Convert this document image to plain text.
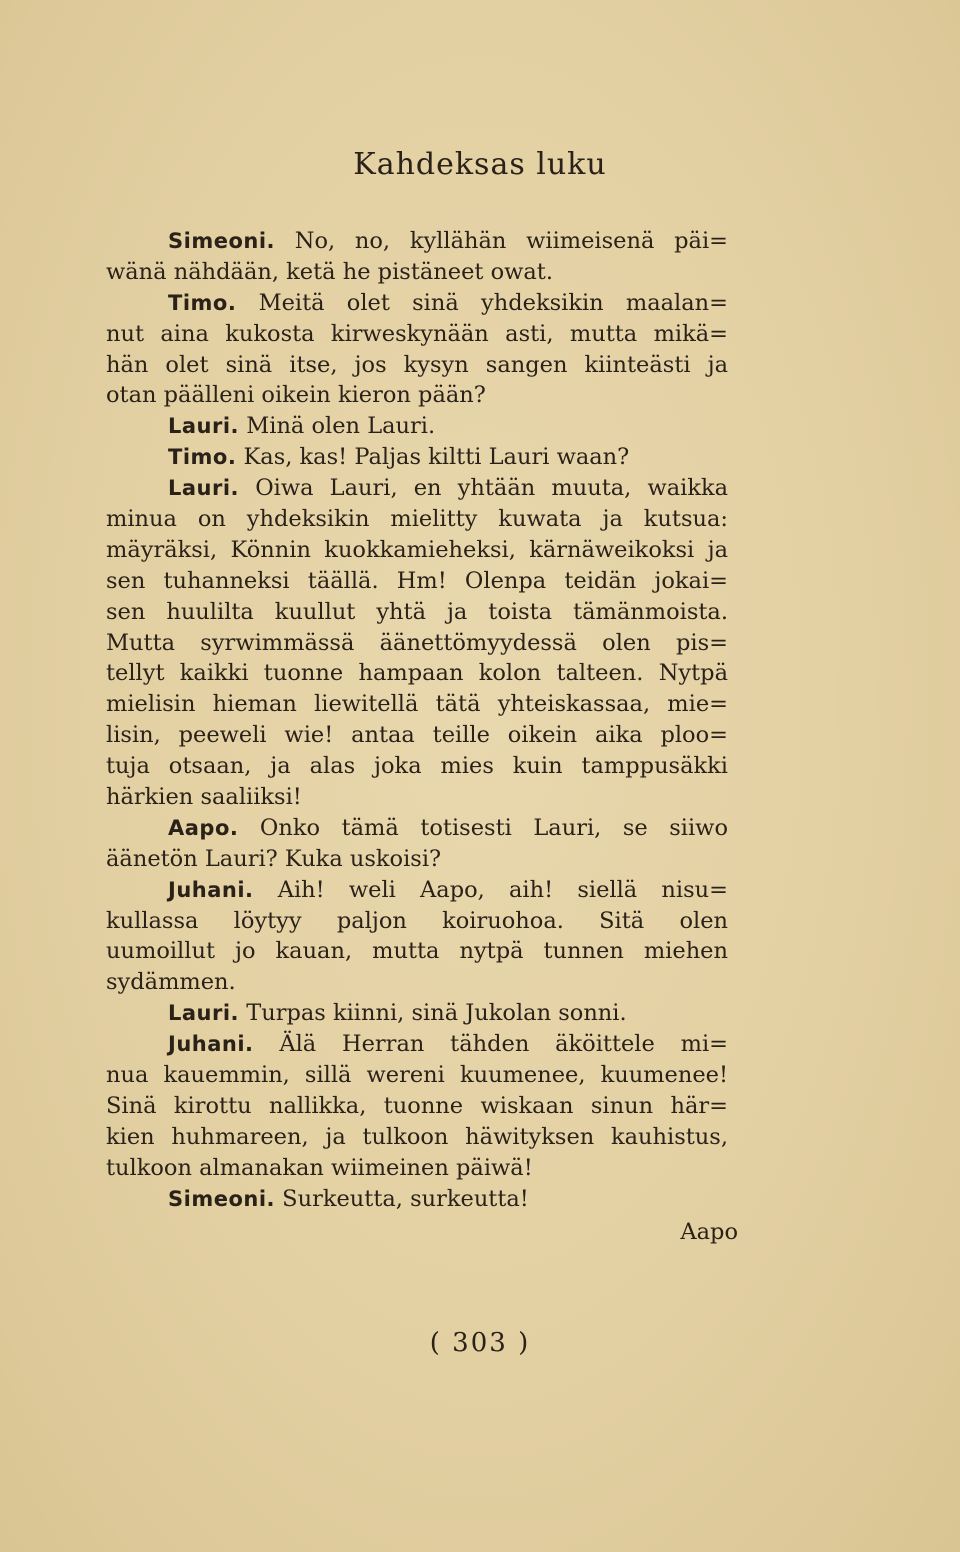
Kahdeksas luku
Simeoni. No, no, kyllähän wiimeisenä päi=
wänä nähdään, ketä he pistäneet owat.
Timo. Meitä olet sinä yhdeksikin maalan=
nut aina kukosta kirweskynään asti, mutta mikä=
hän olet sinä itse, jos kysyn sangen kiinteästi ja
otan päälleni oikein kieron pään?
Lauri. Minä olen Lauri.
Timo. Kas, kas! Paljas kiltti Lauri waan?
Lauri. Oiwa Lauri, en yhtään muuta, waikka
minua on yhdeksikin mielitty kuwata ja kutsua:
mäyräksi, Könnin kuokkamieheksi, kärnäweikoksi ja
sen tuhanneksi täällä. Hm! Olenpa teidän jokai=
sen huulilta kuullut yhtä ja toista tämänmoista.
Mutta syrwimmässä äänettömyydessä olen pis=
tellyt kaikki tuonne hampaan kolon talteen. Nytpä
mielisin hieman liewitellä tätä yhteiskassaa, mie=
lisin, peeweli wie! antaa teille oikein aika ploo=
tuja otsaan, ja alas joka mies kuin tamppusäkki
härkien saaliiksi!
Aapo. Onko tämä totisesti Lauri, se siiwo
äänetön Lauri? Kuka uskoisi?
Juhani. Aih! weli Aapo, aih! siellä nisu=
kullassa löytyy paljon koiruohoa. Sitä olen
uumoillut jo kauan, mutta nytpä tunnen miehen
sydämmen.
Lauri. Turpas kiinni, sinä Jukolan sonni.
Juhani. Älä Herran tähden äköittele mi=
nua kauemmin, sillä wereni kuumenee, kuumenee!
Sinä kirottu nallikka, tuonne wiskaan sinun här=
kien huhmareen, ja tulkoon häwityksen kauhistus,
tulkoon almanakan wiimeinen päiwä!
Simeoni. Surkeutta, surkeutta!
Aapo
( 303 )
